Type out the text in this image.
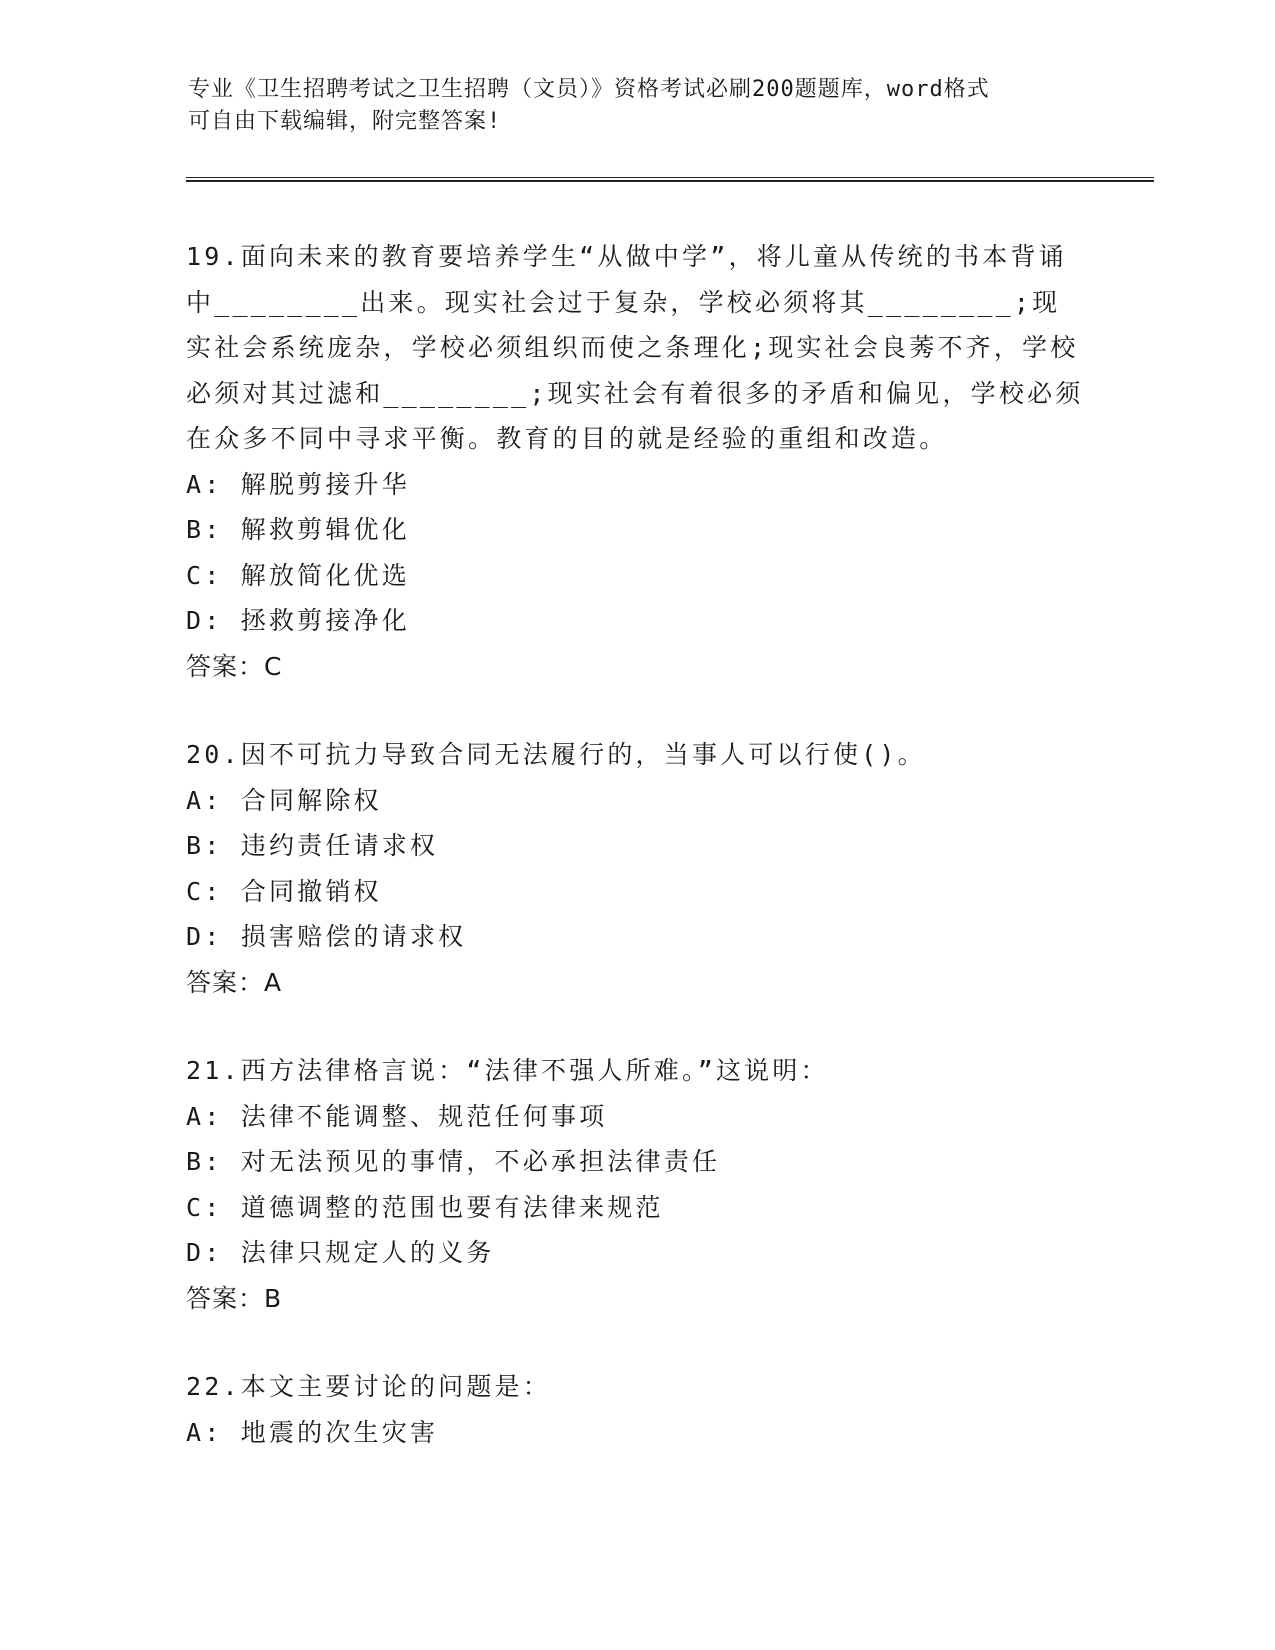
专业《卫生招聘考试之卫生招聘（文员）》资格考试必刷200题题库，word格式
可自由下载编辑，附完整答案!

19.面向未来的教育要培养学生“从做中学”，将儿童从传统的书本背诵中________出来。现实社会过于复杂，学校必须将其________;现实社会系统庞杂，学校必须组织而使之条理化;现实社会良莠不齐，学校必须对其过滤和________;现实社会有着很多的矛盾和偏见，学校必须在众多不同中寻求平衡。教育的目的就是经验的重组和改造。

A: 解脱剪接升华

B: 解救剪辑优化

C: 解放简化优选

D: 拯救剪接净化

答案：C

20.因不可抗力导致合同无法履行的，当事人可以行使()。

A: 合同解除权

B: 违约责任请求权

C: 合同撤销权

D: 损害赔偿的请求权

答案：A

21.西方法律格言说：“法律不强人所难。”这说明：

A: 法律不能调整、规范任何事项

B: 对无法预见的事情，不必承担法律责任

C: 道德调整的范围也要有法律来规范

D: 法律只规定人的义务

答案：B

22.本文主要讨论的问题是：

A: 地震的次生灾害
